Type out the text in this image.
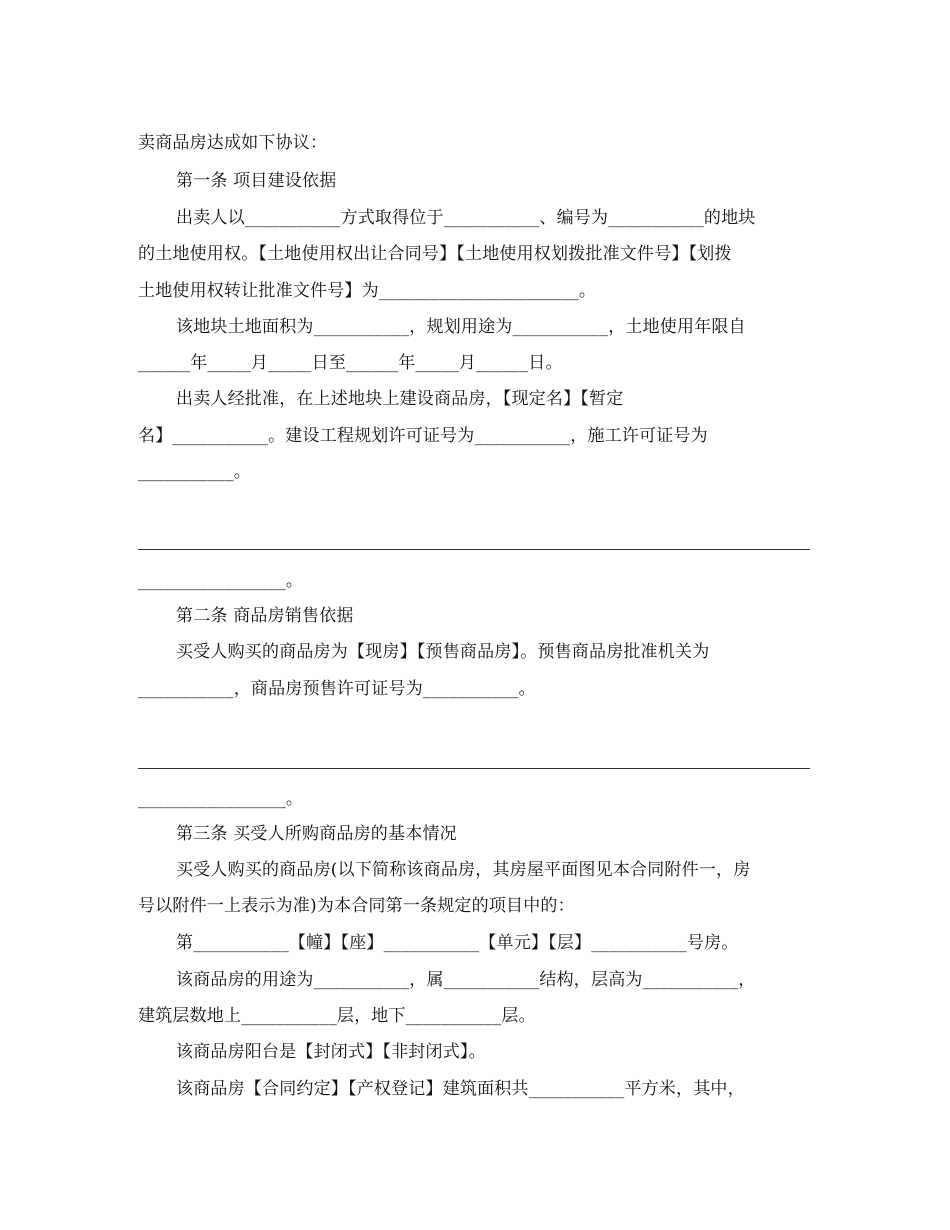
卖商品房达成如下协议：
第一条 项目建设依据
出卖人以___________方式取得位于___________、编号为___________的地块
的土地使用权。【土地使用权出让合同号】【土地使用权划拨批准文件号】【划拨
土地使用权转让批准文件号】为_______________________。
该地块土地面积为___________，规划用途为___________，土地使用年限自
______年_____月_____日至______年_____月______日。
出卖人经批准，在上述地块上建设商品房，【现定名】【暂定
名】___________。建设工程规划许可证号为___________，施工许可证号为
___________。
_________________。
第二条 商品房销售依据
买受人购买的商品房为【现房】【预售商品房】。预售商品房批准机关为
___________，商品房预售许可证号为___________。
_________________。
第三条 买受人所购商品房的基本情况
买受人购买的商品房(以下简称该商品房，其房屋平面图见本合同附件一，房
号以附件一上表示为准)为本合同第一条规定的项目中的：
第___________【幢】【座】___________【单元】【层】___________号房。
该商品房的用途为___________，属___________结构，层高为___________，
建筑层数地上___________层，地下___________层。
该商品房阳台是【封闭式】【非封闭式】。
该商品房【合同约定】【产权登记】建筑面积共___________平方米，其中，
